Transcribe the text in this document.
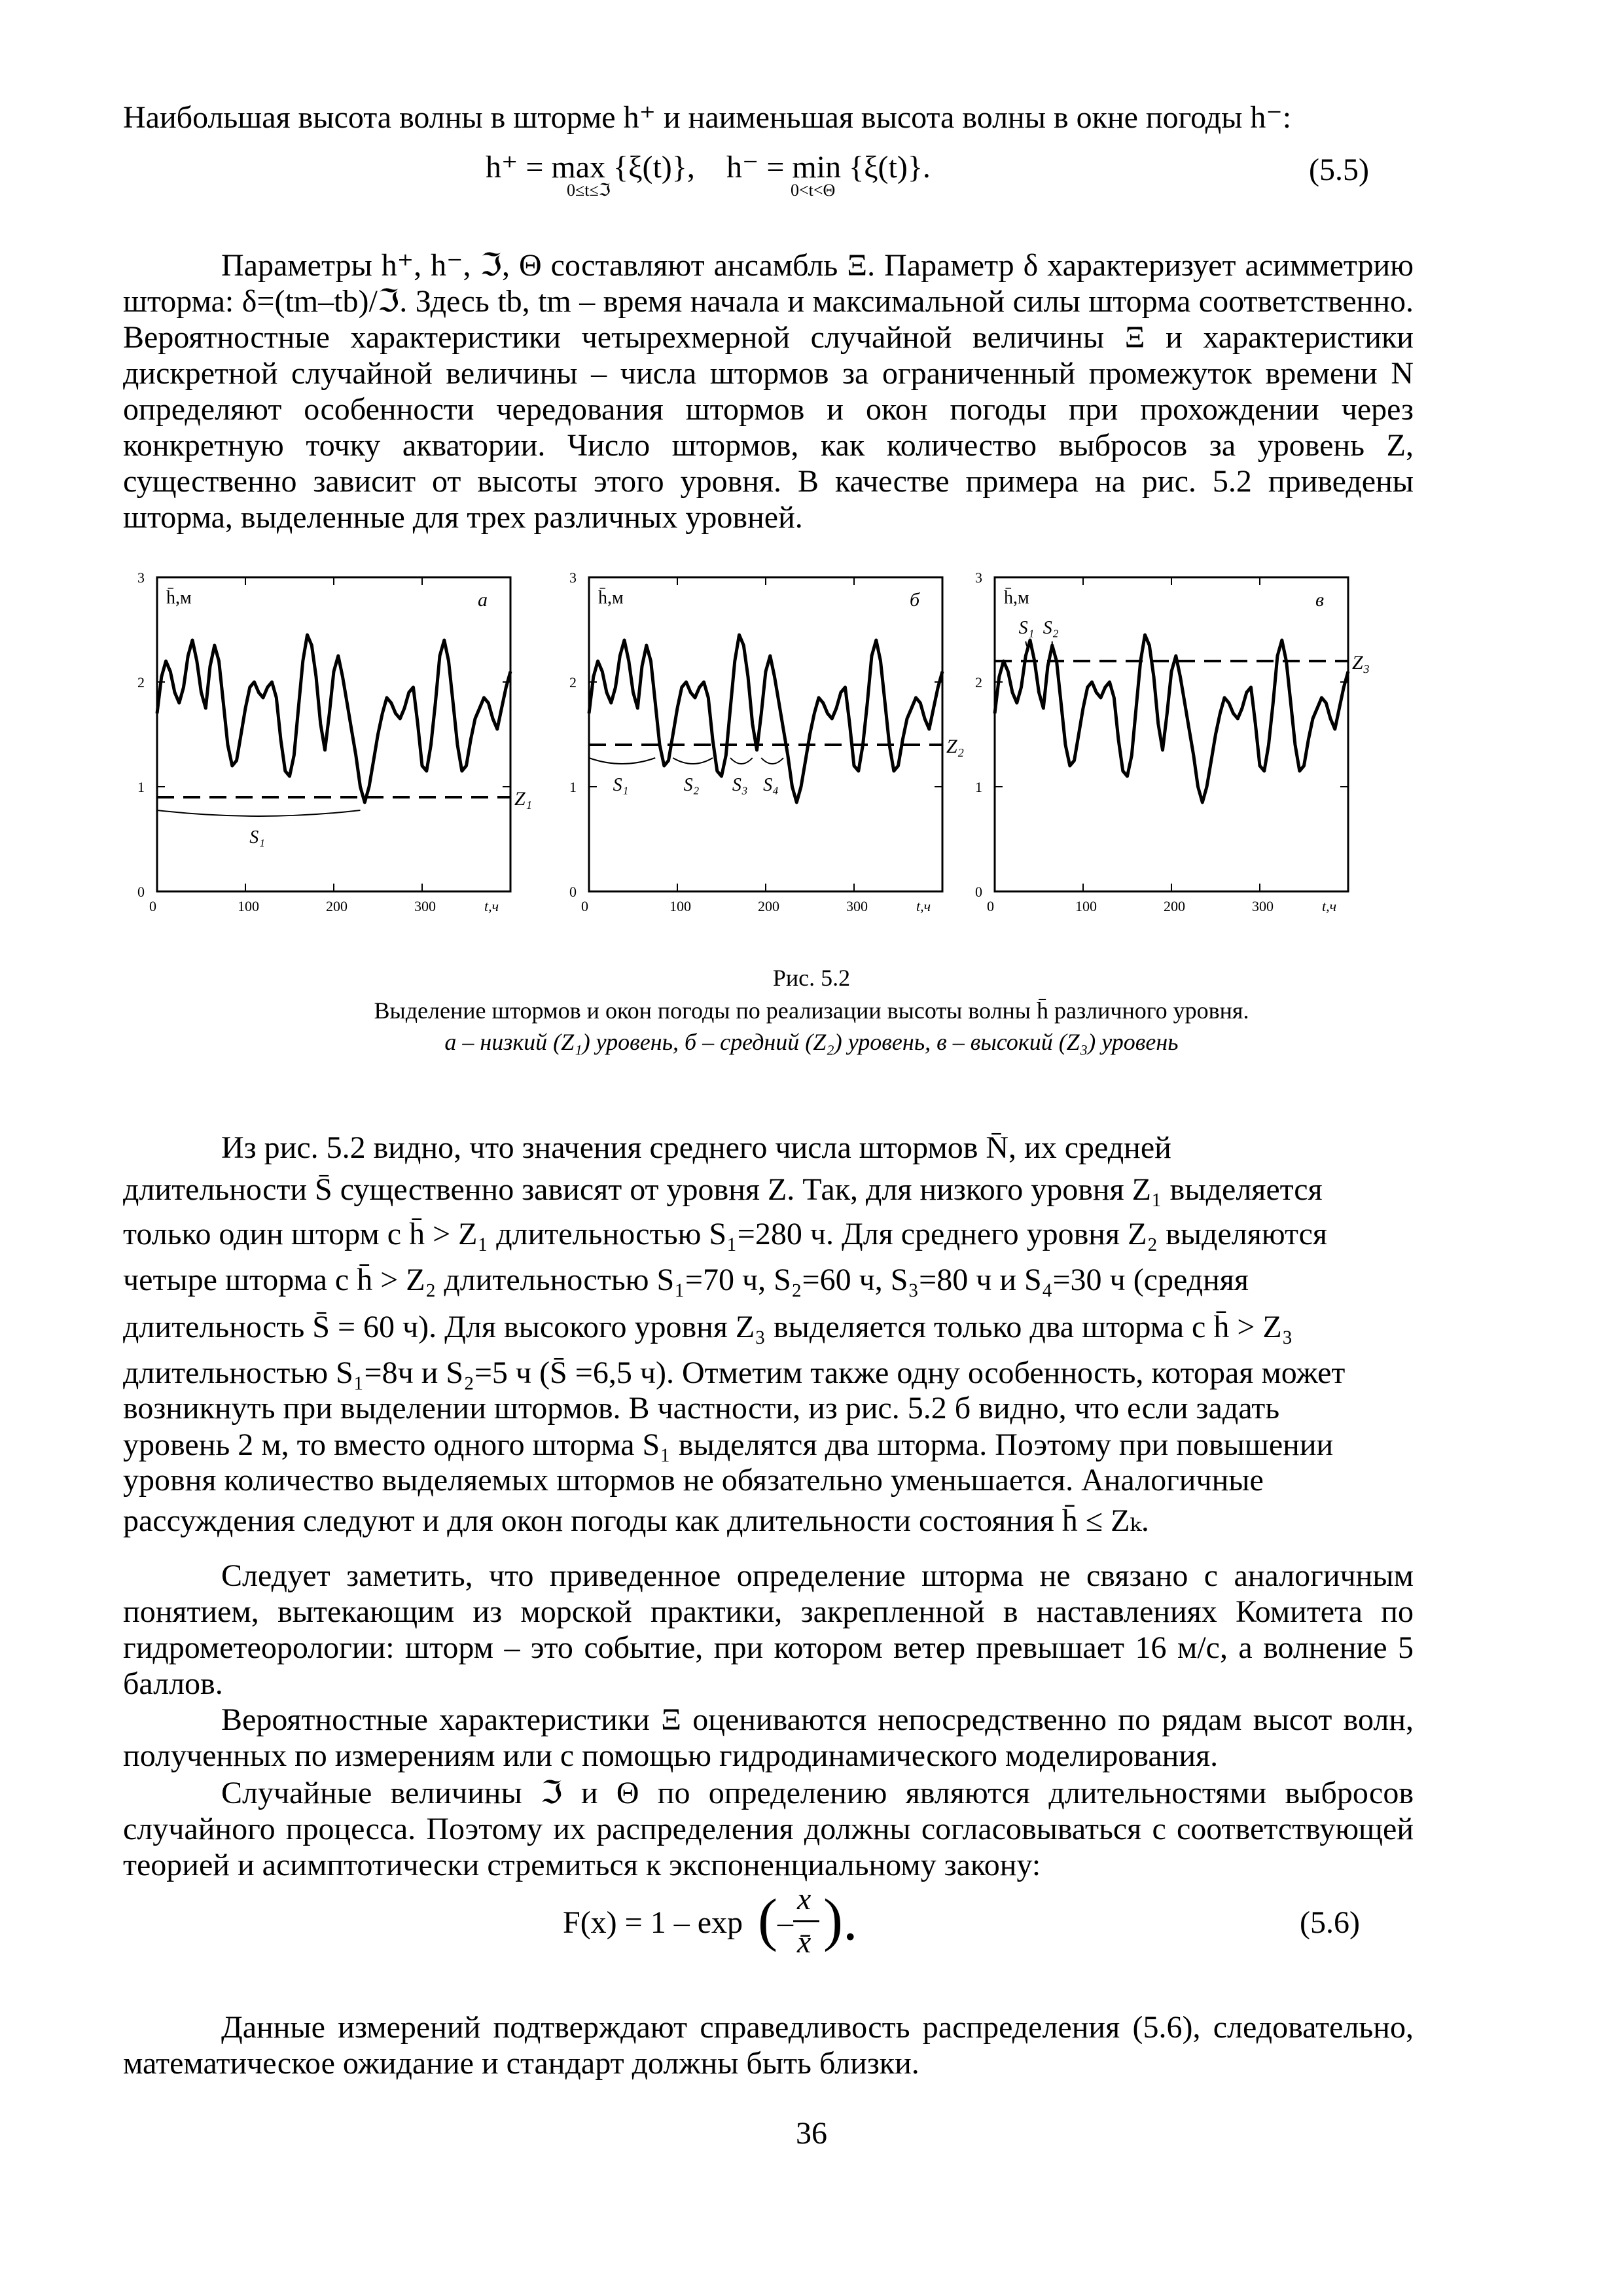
Наибольшая высота волны в шторме h⁺ и наименьшая высота волны в окне погоды h⁻:
h⁺ = max {ξ(t)},
0≤t≤ℑ
h⁻ = min {ξ(t)}.
0<t<Θ
(5.5)
Параметры h⁺, h⁻, ℑ, Θ составляют ансамбль Ξ. Параметр δ характеризует асимметрию шторма: δ=(tm–tb)/ℑ. Здесь tb, tm – время начала и максимальной силы шторма соответственно. Вероятностные характеристики четырехмерной случайной величины Ξ и характеристики дискретной случайной величины – числа штормов за ограниченный промежуток времени N определяют особенности чередования штормов и окон погоды при прохождении через конкретную точку акватории. Число штормов, как количество выбросов за уровень Z, существенно зависит от высоты этого уровня. В качестве примера на рис. 5.2 приведены шторма, выделенные для трех различных уровней.
0
1
2
3
0	100	200	300	t,ч
h̄,м	а
Z₁
S₁
0
1
2
3
0	100	200	300	t,ч
h̄,м	б
Z₂
S₁	S₂ S₃ S₄
0
1
2
3
0	100	200	300	t,ч
h̄,м	в
Z₃
S₁ S₂
Рис. 5.2
Выделение штормов и окон погоды по реализации высоты волны h̄ различного уровня.
а – низкий (Z₁) уровень, б – средний (Z₂) уровень, в – высокий (Z₃) уровень
Из рис. 5.2 видно, что значения среднего числа штормов N̄, их средней
длительности S̄ существенно зависят от уровня Z. Так, для низкого уровня Z₁ выделяется
только один шторм с h̄ > Z₁ длительностью S₁=280 ч. Для среднего уровня Z₂ выделяются
четыре шторма с h̄ > Z₂ длительностью S₁=70 ч, S₂=60 ч, S₃=80 ч и S₄=30 ч (средняя
длительность S̄ = 60 ч). Для высокого уровня Z₃ выделяется только два шторма с h̄ > Z₃
длительностью S₁=8ч и S₂=5 ч (S̄ =6,5 ч). Отметим также одну особенность, которая может
возникнуть при выделении штормов. В частности, из рис. 5.2 б видно, что если задать
уровень 2 м, то вместо одного шторма S₁ выделятся два шторма. Поэтому при повышении
уровня количество выделяемых штормов не обязательно уменьшается. Аналогичные
рассуждения следуют и для окон погоды как длительности состояния h̄ ≤ Zₖ.
Следует заметить, что приведенное определение шторма не связано с аналогичным понятием, вытекающим из морской практики, закрепленной в наставлениях Комитета по гидрометеорологии: шторм – это событие, при котором ветер превышает 16 м/с, а волнение 5 баллов.
Вероятностные характеристики Ξ оцениваются непосредственно по рядам высот волн, полученных по измерениям или с помощью гидродинамического моделирования.
Случайные величины ℑ и Θ по определению являются длительностями выбросов случайного процесса. Поэтому их распределения должны согласовываться с соответствующей теорией и асимптотически стремиться к экспоненциальному закону:
F(x) = 1 – exp ( –
x
x̄ ).	(5.6)
Данные измерений подтверждают справедливость распределения (5.6), следовательно, математическое ожидание и стандарт должны быть близки.
36
